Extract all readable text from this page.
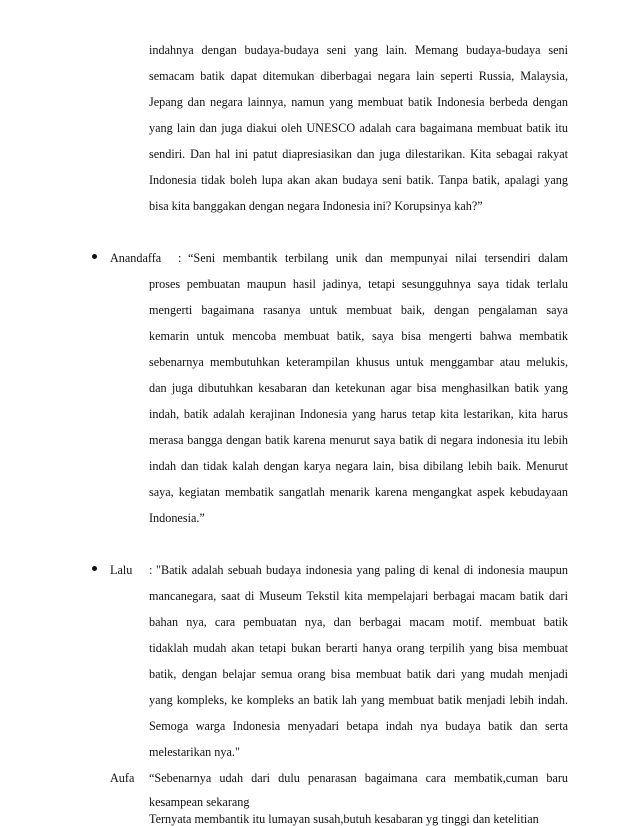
indahnya dengan budaya-budaya seni yang lain. Memang budaya-budaya seni
semacam batik dapat ditemukan diberbagai negara lain seperti Russia, Malaysia,
Jepang dan negara lainnya, namun yang membuat batik Indonesia berbeda dengan
yang lain dan juga diakui oleh UNESCO adalah cara bagaimana membuat batik itu
sendiri. Dan hal ini patut diapresiasikan dan juga dilestarikan. Kita sebagai rakyat
Indonesia tidak boleh lupa akan akan budaya seni batik. Tanpa batik, apalagi yang
bisa kita banggakan dengan negara Indonesia ini? Korupsinya kah?”
Anandaffa : “Seni membantik terbilang unik dan mempunyai nilai tersendiri dalam
proses pembuatan maupun hasil jadinya, tetapi sesungguhnya saya tidak terlalu
mengerti bagaimana rasanya untuk membuat baik, dengan pengalaman saya
kemarin untuk mencoba membuat batik, saya bisa mengerti bahwa membatik
sebenarnya membutuhkan keterampilan khusus untuk menggambar atau melukis,
dan juga dibutuhkan kesabaran dan ketekunan agar bisa menghasilkan batik yang
indah, batik adalah kerajinan Indonesia yang harus tetap kita lestarikan, kita harus
merasa bangga dengan batik karena menurut saya batik di negara indonesia itu lebih
indah dan tidak kalah dengan karya negara lain, bisa dibilang lebih baik. Menurut
saya, kegiatan membatik sangatlah menarik karena mengangkat aspek kebudayaan
Indonesia.”
Lalu : "Batik adalah sebuah budaya indonesia yang paling di kenal di indonesia maupun
mancanegara, saat di Museum Tekstil kita mempelajari berbagai macam batik dari
bahan nya, cara pembuatan nya, dan berbagai macam motif. membuat batik
tidaklah mudah akan tetapi bukan berarti hanya orang terpilih yang bisa membuat
batik, dengan belajar semua orang bisa membuat batik dari yang mudah menjadi
yang kompleks, ke kompleks an batik lah yang membuat batik menjadi lebih indah.
Semoga warga Indonesia menyadari betapa indah nya budaya batik dan serta
melestarikan nya."
Aufa “Sebenarnya udah dari dulu penarasan bagaimana cara membatik,cuman baru
kesampean sekarang
Ternyata membantik itu lumayan susah,butuh kesabaran yg tinggi dan ketelitian
